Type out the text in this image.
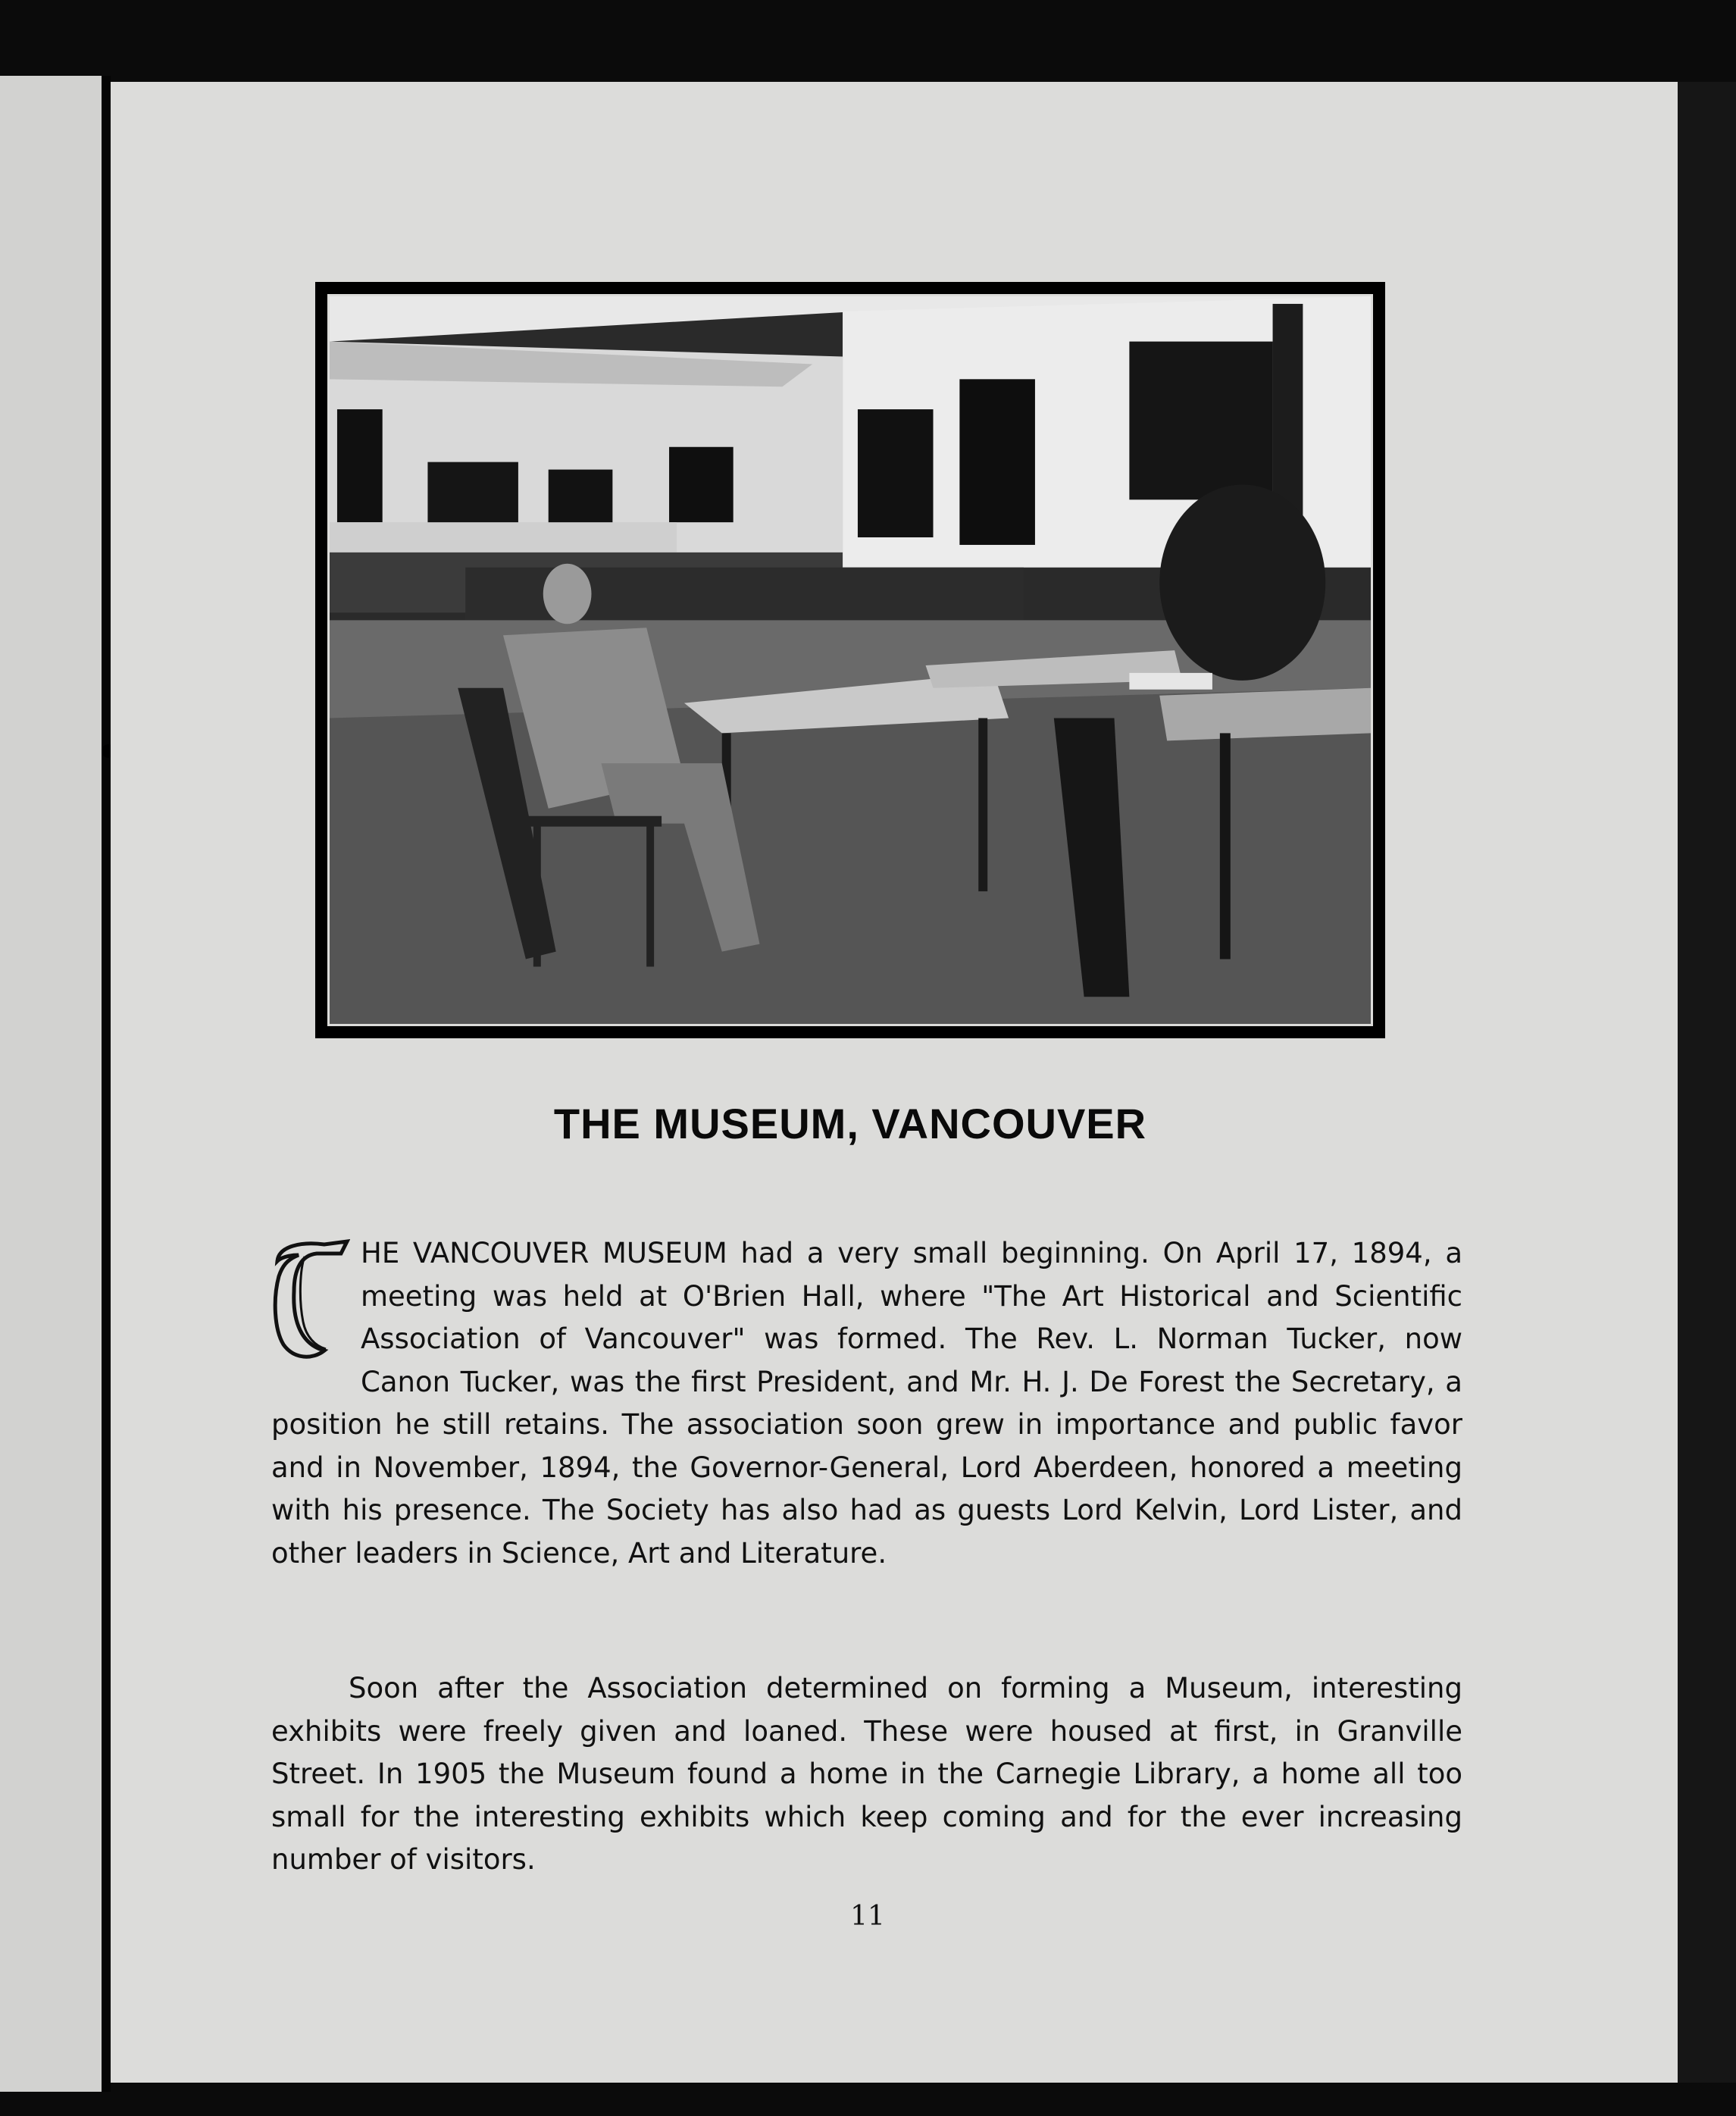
THE MUSEUM, VANCOUVER
HE VANCOUVER MUSEUM had a very small beginning. On April 17, 1894, a meeting was held at O'Brien Hall, where "The Art Historical and Scientific Association of Vancouver" was formed. The Rev. L. Norman Tucker, now Canon Tucker, was the first President, and Mr. H. J. De Forest the Secretary, a position he still retains. The association soon grew in importance and public favor and in November, 1894, the Governor-General, Lord Aberdeen, honored a meeting with his presence. The Society has also had as guests Lord Kelvin, Lord Lister, and other leaders in Science, Art and Literature.
Soon after the Association determined on forming a Museum, interesting exhibits were freely given and loaned. These were housed at first, in Granville Street. In 1905 the Museum found a home in the Carnegie Library, a home all too small for the interesting exhibits which keep coming and for the ever increasing number of visitors.
11
